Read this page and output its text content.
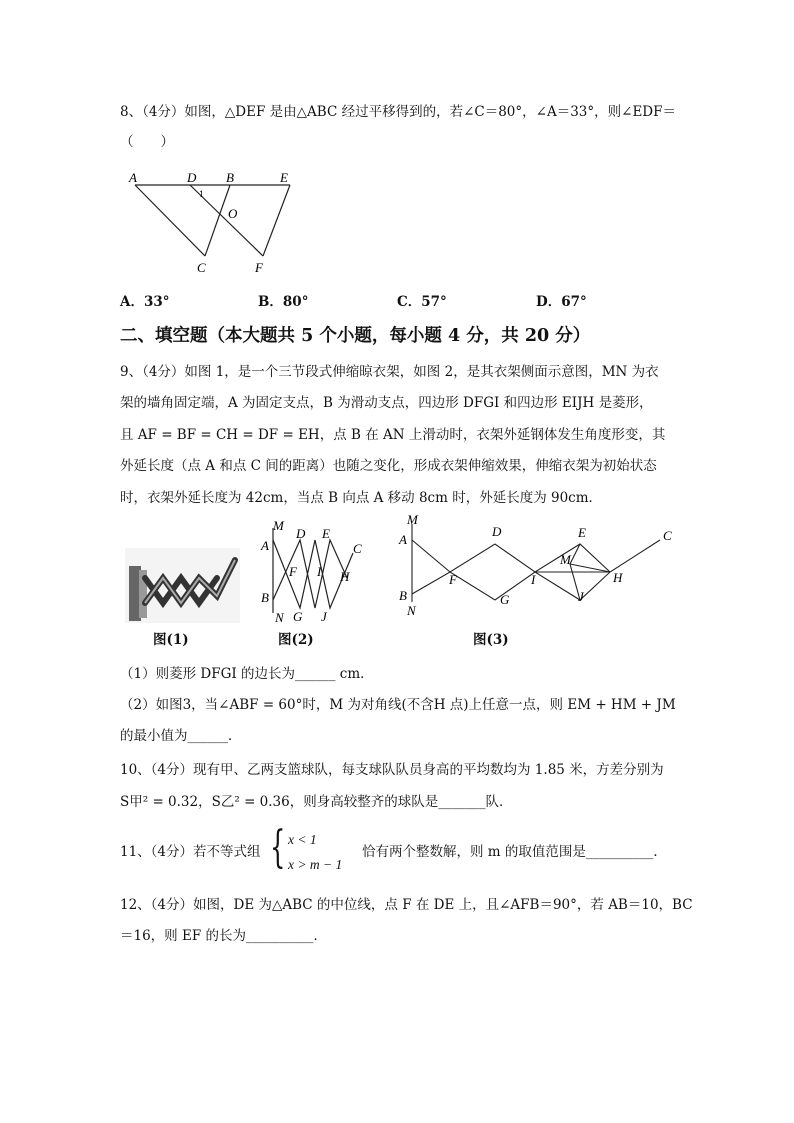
8、（4分）如图，△DEF 是由△ABC 经过平移得到的，若∠C＝80°，∠A＝33°，则∠EDF＝
（　　）
A	D B	E
O
C	F
1
A．33°	B．80°	C．57°	D．67°
二、填空题（本大题共 5 个小题，每小题 4 分，共 20 分）
9、（4分）如图 1，是一个三节段式伸缩晾衣架，如图 2，是其衣架侧面示意图，MN 为衣
架的墙角固定端，A 为固定支点，B 为滑动支点，四边形 DFGI 和四边形 EIJH 是菱形，
且 AF = BF = CH = DF = EH，点 B 在 AN 上滑动时，衣架外延钢体发生角度形变，其
外延长度（点 A 和点 C 间的距离）也随之变化，形成衣架伸缩效果，伸缩衣架为初始状态
时，衣架外延长度为 42cm，当点 B 向点 A 移动 8cm 时，外延长度为 90cm．
图(1)
M
A
D E
C
F I H
B
N G J
图(2)
M
A
D	E	C
M
F	I	H
B
N
G	J
图(3)
（1）则菱形 DFGI 的边长为______ cm．
（2）如图3，当∠ABF = 60°时，M 为对角线(不含H 点)上任意一点，则 EM + HM + JM
的最小值为______．
10、（4分）现有甲、乙两支篮球队，每支球队队员身高的平均数均为 1.85 米，方差分别为
S甲² = 0.32，S乙² = 0.36，则身高较整齐的球队是_______队．
11、（4分）若不等式组 { x < 1
x > m − 1
恰有两个整数解，则 m 的取值范围是__________．
12、（4分）如图，DE 为△ABC 的中位线，点 F 在 DE 上，且∠AFB＝90°，若 AB＝10，BC
＝16，则 EF 的长为__________．
